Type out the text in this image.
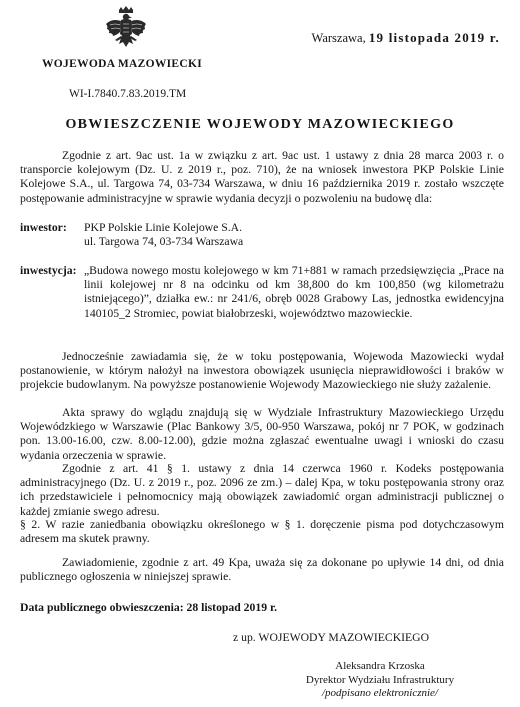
WOJEWODA MAZOWIECKI
Warszawa, 19 listopada 2019 r.
WI-I.7840.7.83.2019.TM
OBWIESZCZENIE WOJEWODY MAZOWIECKIEGO

Zgodnie z art. 9ac ust. 1a w związku z art. 9ac ust. 1 ustawy z dnia 28 marca 2003 r. o transporcie kolejowym (Dz. U. z 2019 r., poz. 710), że na wniosek inwestora PKP Polskie Linie Kolejowe S.A., ul. Targowa 74, 03-734 Warszawa, w dniu 16 października 2019 r. zostało wszczęte postępowanie administracyjne w sprawie wydania decyzji o pozwoleniu na budowę dla:

inwestor: PKP Polskie Linie Kolejowe S.A.
ul. Targowa 74, 03-734 Warszawa
inwestycja: „Budowa nowego mostu kolejowego w km 71+881 w ramach przedsięwzięcia „Prace na linii kolejowej nr 8 na odcinku od km 38,800 do km 100,850 (wg kilometrażu istniejącego)”, działka ew.: nr 241/6, obręb 0028 Grabowy Las, jednostka ewidencyjna 140105_2 Stromiec, powiat białobrzeski, województwo mazowieckie.

Jednocześnie zawiadamia się, że w toku postępowania, Wojewoda Mazowiecki wydał postanowienie, w którym nałożył na inwestora obowiązek usunięcia nieprawidłowości i braków w projekcie budowlanym. Na powyższe postanowienie Wojewody Mazowieckiego nie służy zażalenie.

Akta sprawy do wglądu znajdują się w Wydziale Infrastruktury Mazowieckiego Urzędu Wojewódzkiego w Warszawie (Plac Bankowy 3/5, 00-950 Warszawa, pokój nr 7 POK, w godzinach pon. 13.00-16.00, czw. 8.00-12.00), gdzie można zgłaszać ewentualne uwagi i wnioski do czasu wydania orzeczenia w sprawie.

Zgodnie z art. 41 § 1. ustawy z dnia 14 czerwca 1960 r. Kodeks postępowania administracyjnego (Dz. U. z 2019 r., poz. 2096 ze zm.) – dalej Kpa, w toku postępowania strony oraz ich przedstawiciele i pełnomocnicy mają obowiązek zawiadomić organ administracji publicznej o każdej zmianie swego adresu.

§ 2. W razie zaniedbania obowiązku określonego w § 1. doręczenie pisma pod dotychczasowym adresem ma skutek prawny.

Zawiadomienie, zgodnie z art. 49 Kpa, uważa się za dokonane po upływie 14 dni, od dnia publicznego ogłoszenia w niniejszej sprawie.

Data publicznego obwieszczenia: 28 listopad 2019 r.
z up. WOJEWODY MAZOWIECKIEGO
Aleksandra Krzoska
Dyrektor Wydziału Infrastruktury
/podpisano elektronicznie/
